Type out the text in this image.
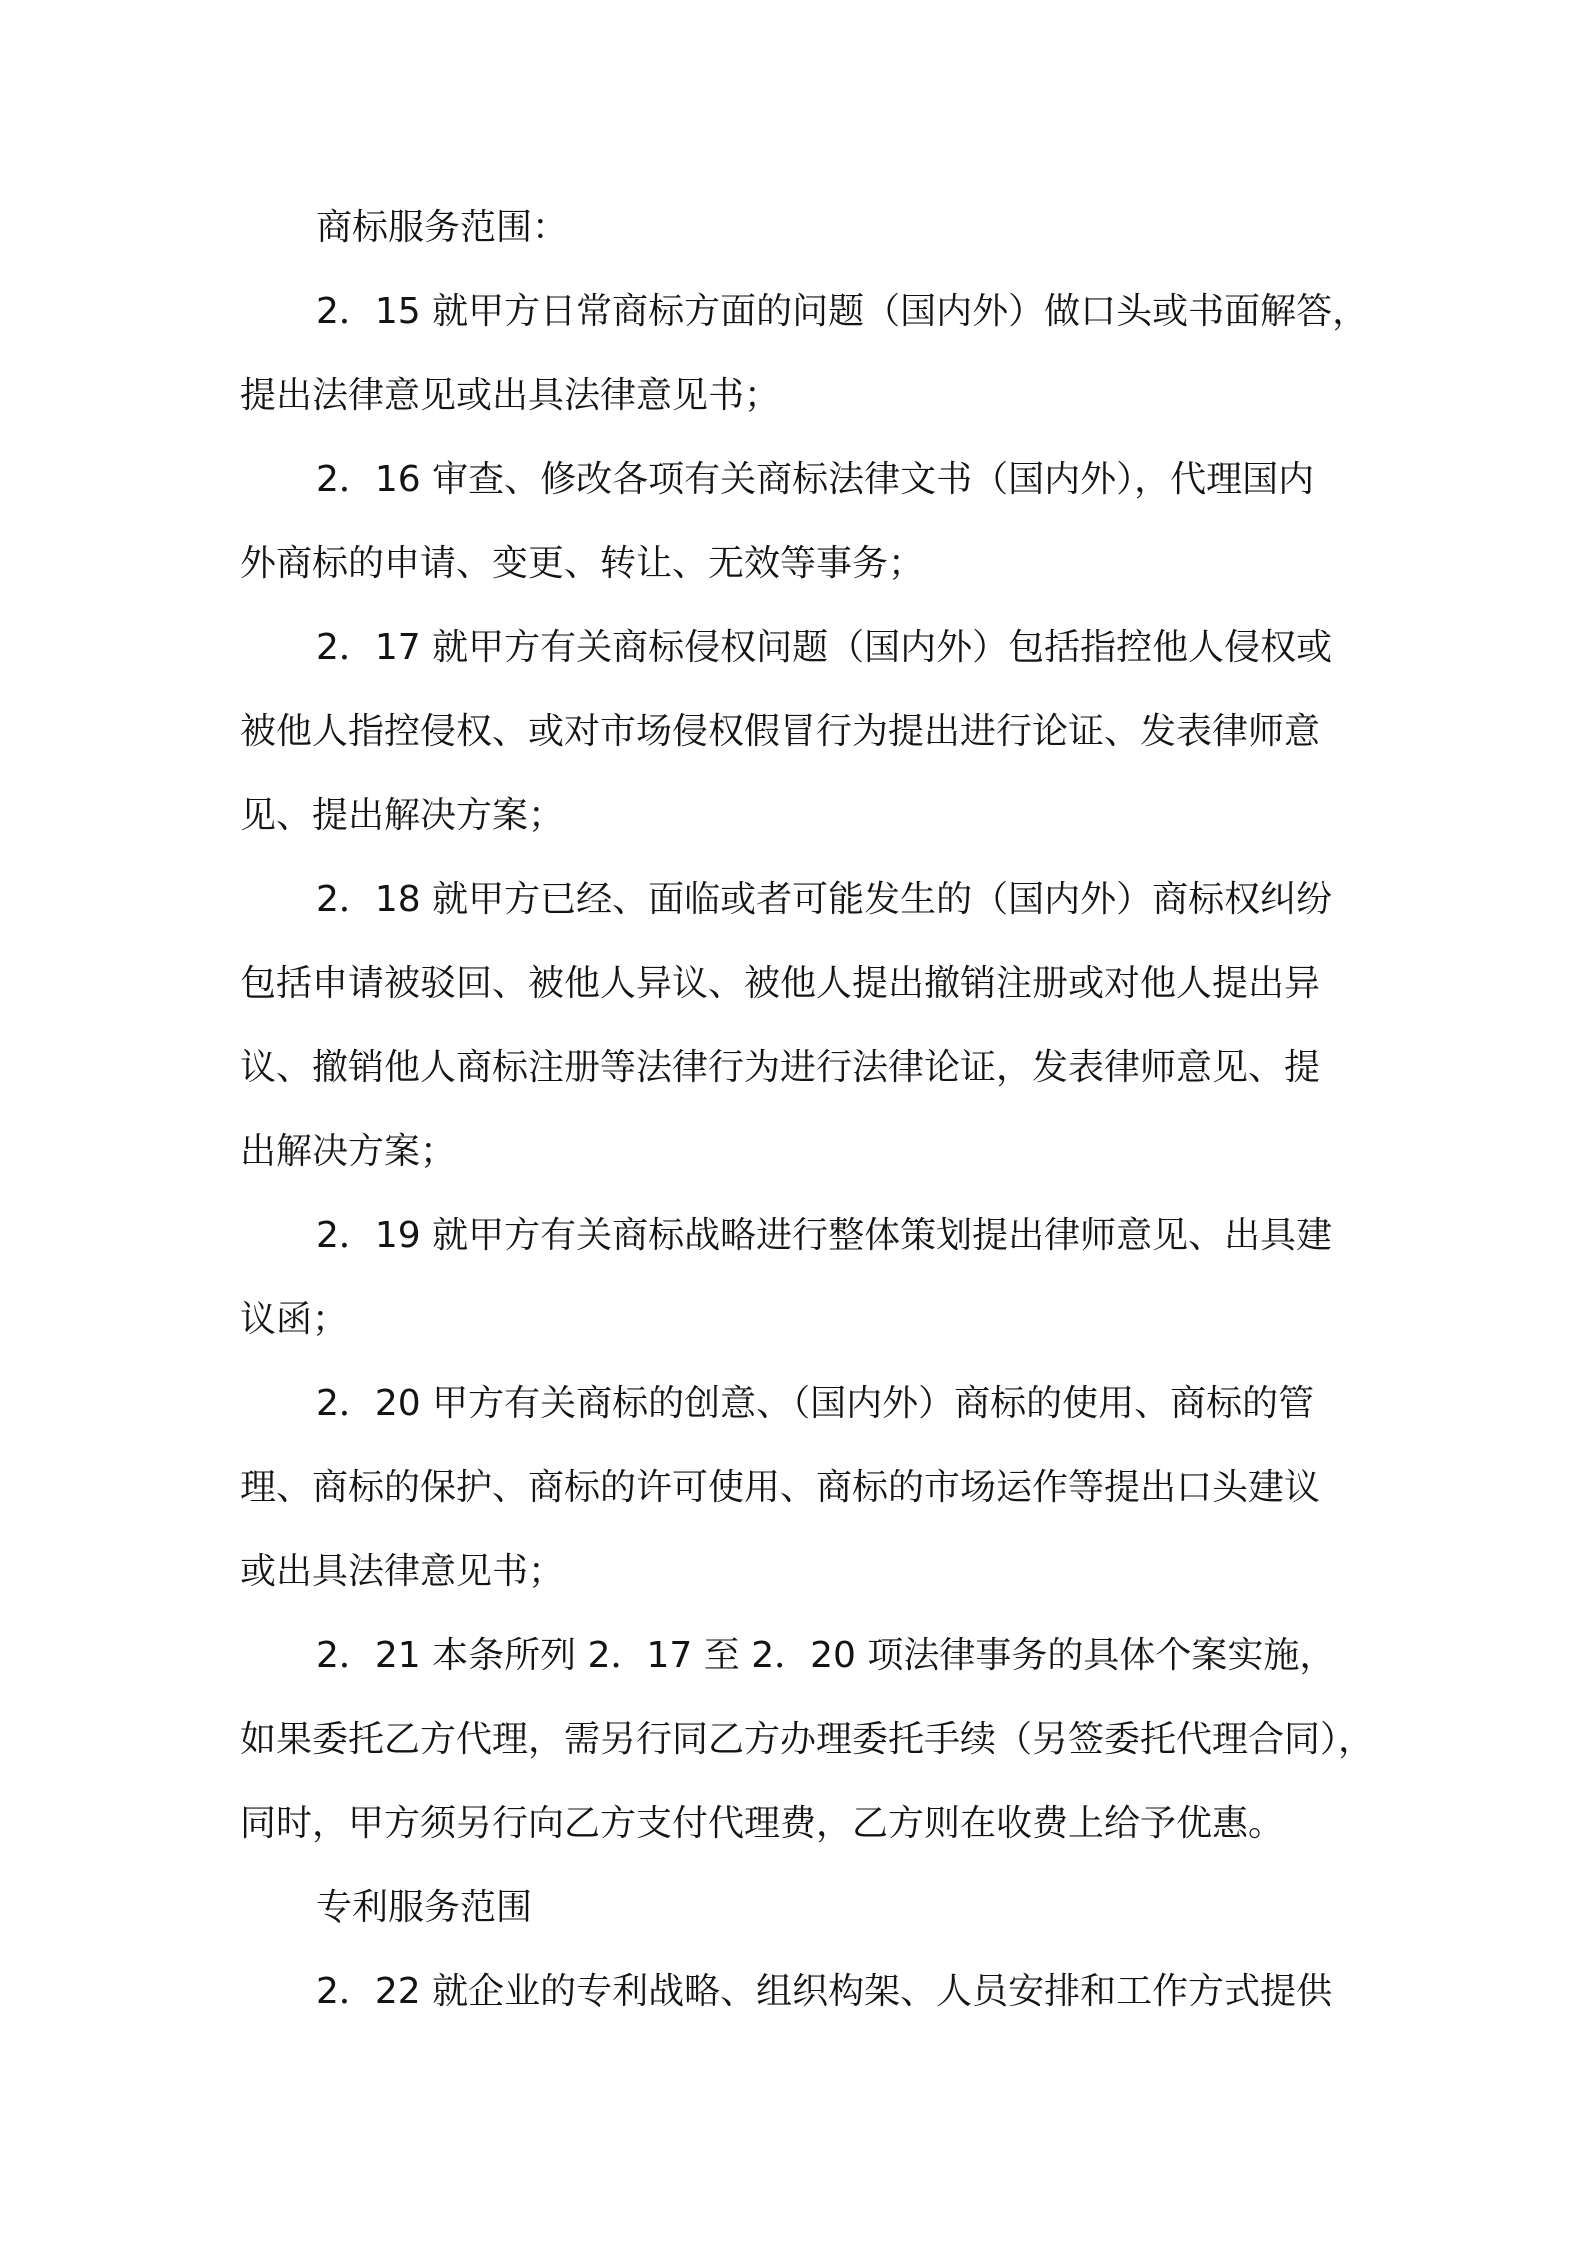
商标服务范围：
2．15 就甲方日常商标方面的问题（国内外）做口头或书面解答，
提出法律意见或出具法律意见书；
2．16 审查、修改各项有关商标法律文书（国内外），代理国内
外商标的申请、变更、转让、无效等事务；
2．17 就甲方有关商标侵权问题（国内外）包括指控他人侵权或
被他人指控侵权、或对市场侵权假冒行为提出进行论证、发表律师意
见、提出解决方案；
2．18 就甲方已经、面临或者可能发生的（国内外）商标权纠纷
包括申请被驳回、被他人异议、被他人提出撤销注册或对他人提出异
议、撤销他人商标注册等法律行为进行法律论证，发表律师意见、提
出解决方案；
2．19 就甲方有关商标战略进行整体策划提出律师意见、出具建
议函；
2．20 甲方有关商标的创意、（国内外）商标的使用、商标的管
理、商标的保护、商标的许可使用、商标的市场运作等提出口头建议
或出具法律意见书；
2．21 本条所列 2．17 至 2．20 项法律事务的具体个案实施，
如果委托乙方代理，需另行同乙方办理委托手续（另签委托代理合同），
同时，甲方须另行向乙方支付代理费，乙方则在收费上给予优惠。
专利服务范围
2．22 就企业的专利战略、组织构架、人员安排和工作方式提供
